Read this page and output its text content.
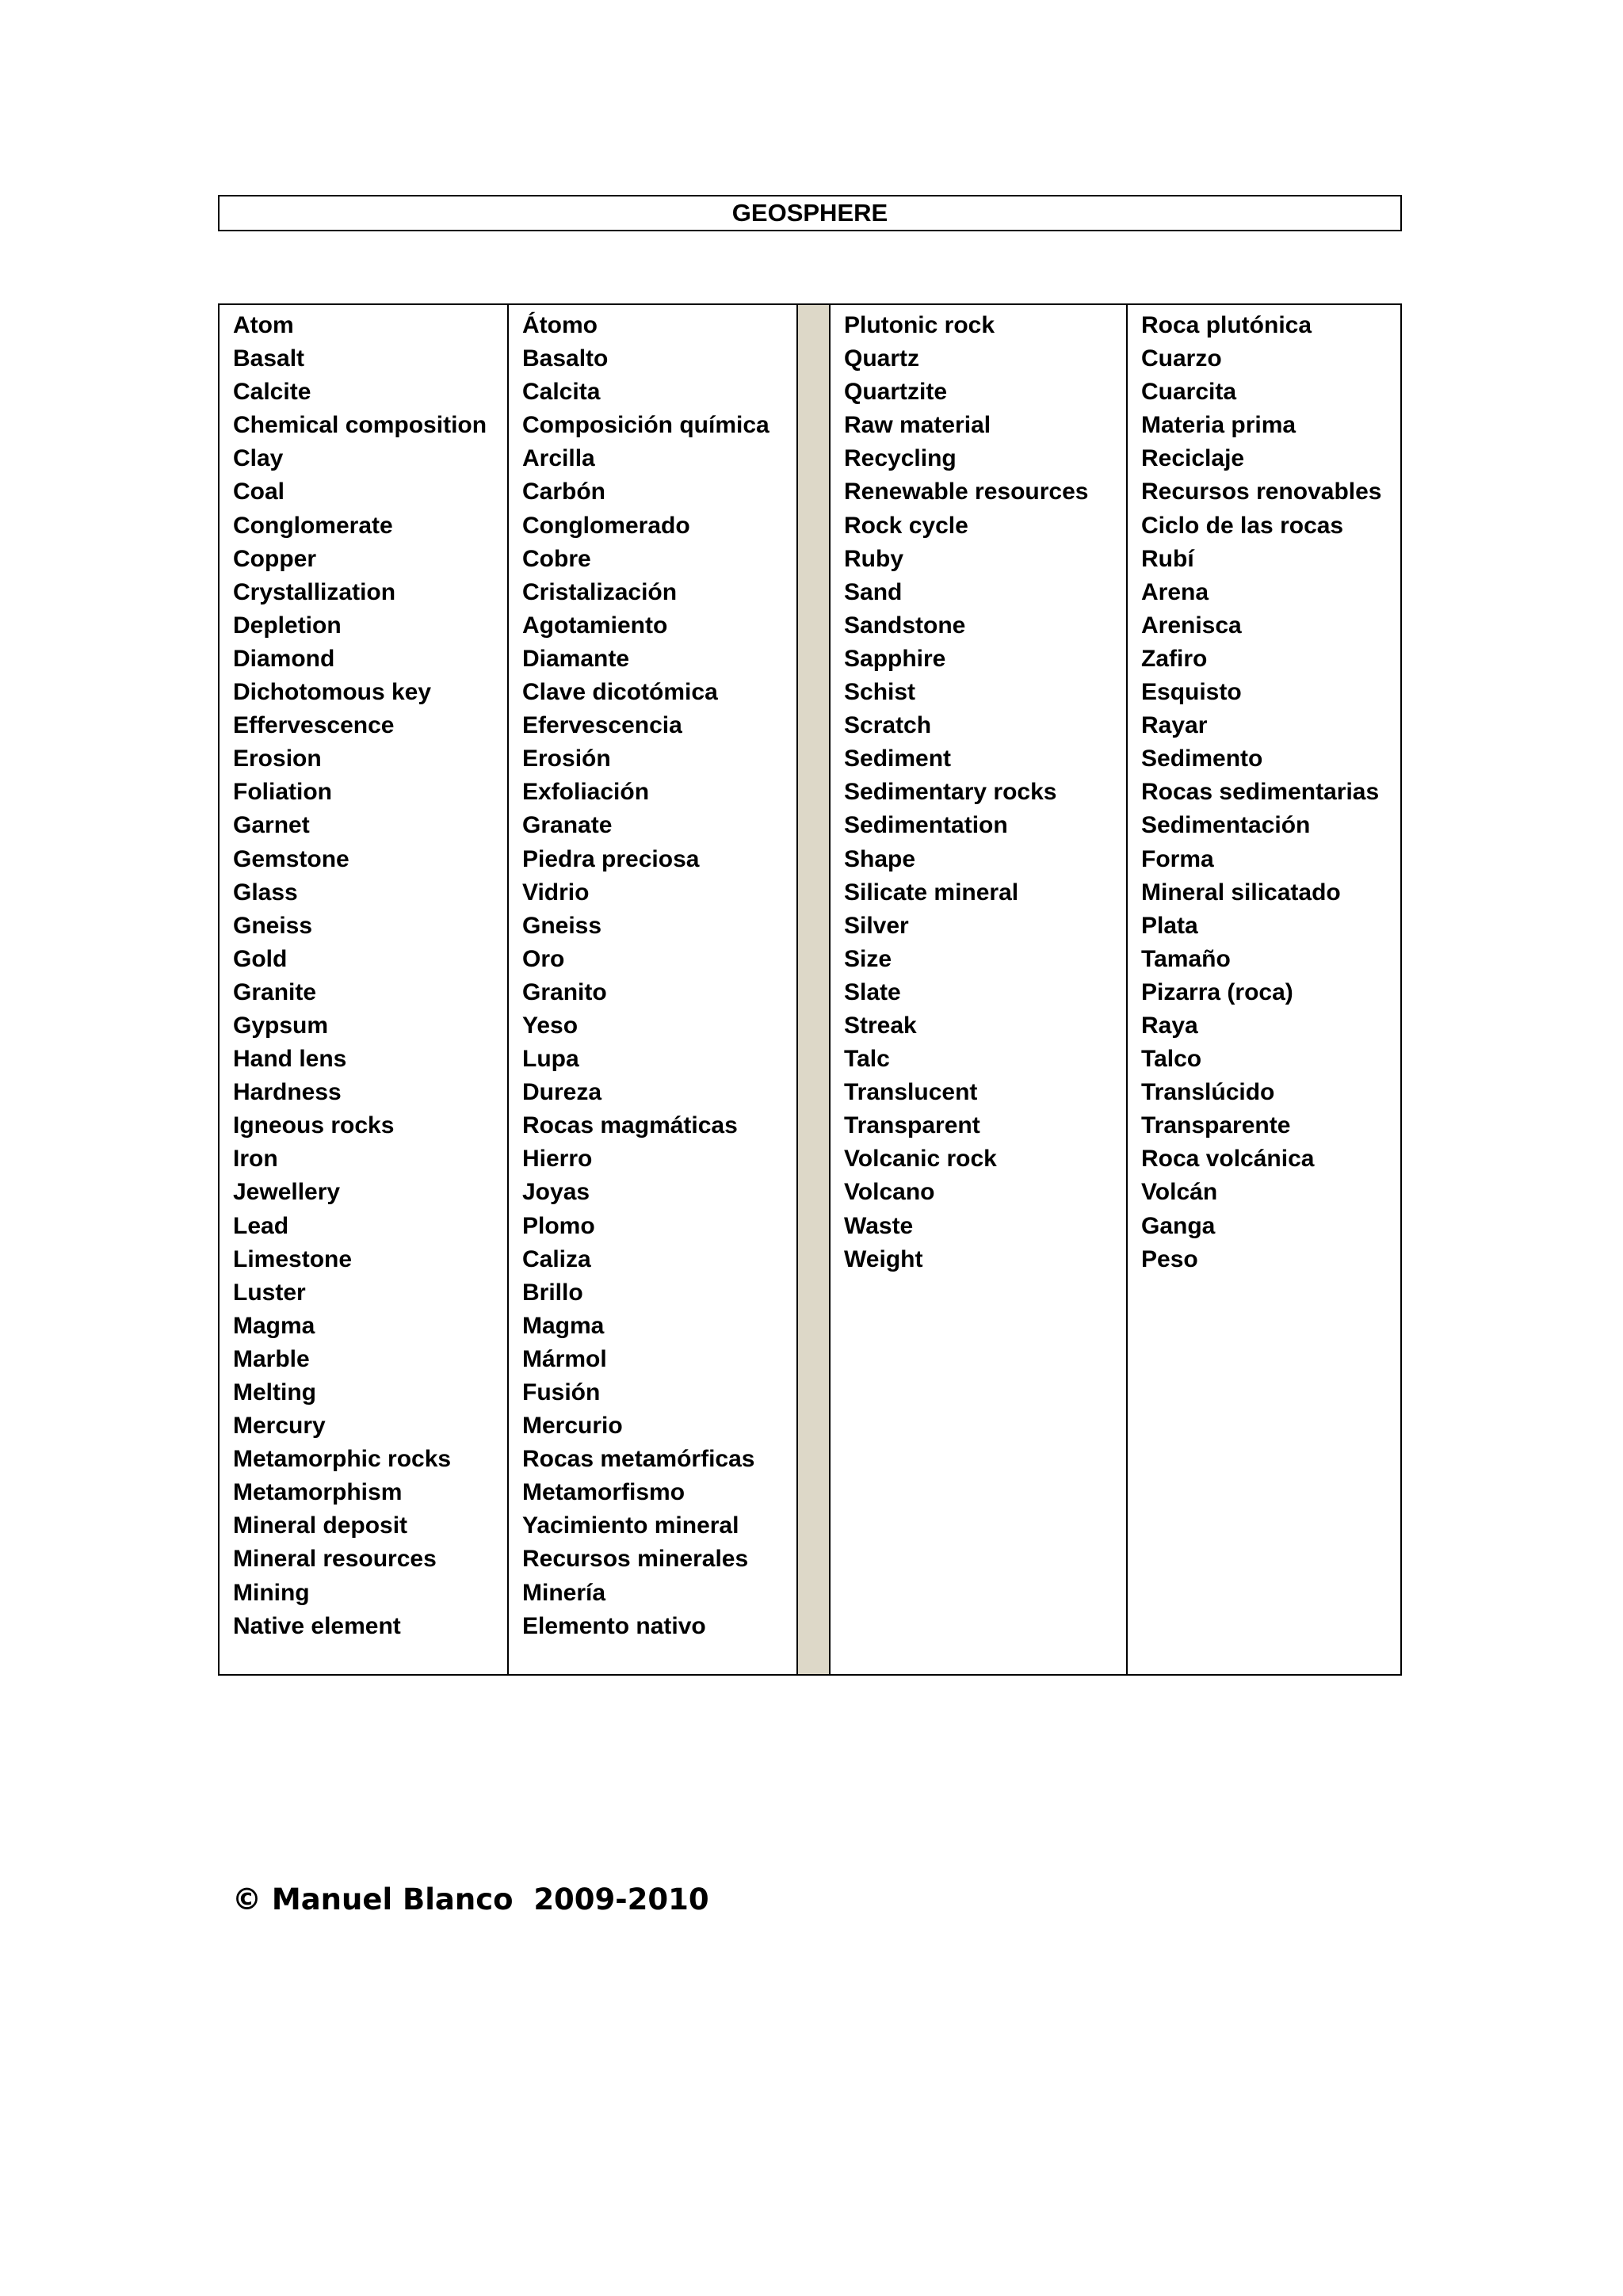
GEOSPHERE
Atom
Basalt
Calcite
Chemical composition
Clay
Coal
Conglomerate
Copper
Crystallization
Depletion
Diamond
Dichotomous key
Effervescence
Erosion
Foliation
Garnet
Gemstone
Glass
Gneiss
Gold
Granite
Gypsum
Hand lens
Hardness
Igneous rocks
Iron
Jewellery
Lead
Limestone
Luster
Magma
Marble
Melting
Mercury
Metamorphic rocks
Metamorphism
Mineral deposit
Mineral resources
Mining
Native element
Átomo
Basalto
Calcita
Composición química
Arcilla
Carbón
Conglomerado
Cobre
Cristalización
Agotamiento
Diamante
Clave dicotómica
Efervescencia
Erosión
Exfoliación
Granate
Piedra preciosa
Vidrio
Gneiss
Oro
Granito
Yeso
Lupa
Dureza
Rocas magmáticas
Hierro
Joyas
Plomo
Caliza
Brillo
Magma
Mármol
Fusión
Mercurio
Rocas metamórficas
Metamorfismo
Yacimiento mineral
Recursos minerales
Minería
Elemento nativo
Plutonic rock
Quartz
Quartzite
Raw material
Recycling
Renewable resources
Rock cycle
Ruby
Sand
Sandstone
Sapphire
Schist
Scratch
Sediment
Sedimentary rocks
Sedimentation
Shape
Silicate mineral
Silver
Size
Slate
Streak
Talc
Translucent
Transparent
Volcanic rock
Volcano
Waste
Weight
Roca plutónica
Cuarzo
Cuarcita
Materia prima
Reciclaje
Recursos renovables
Ciclo de las rocas
Rubí
Arena
Arenisca
Zafiro
Esquisto
Rayar
Sedimento
Rocas sedimentarias
Sedimentación
Forma
Mineral silicatado
Plata
Tamaño
Pizarra (roca)
Raya
Talco
Translúcido
Transparente
Roca volcánica
Volcán
Ganga
Peso
© Manuel Blanco  2009-2010
